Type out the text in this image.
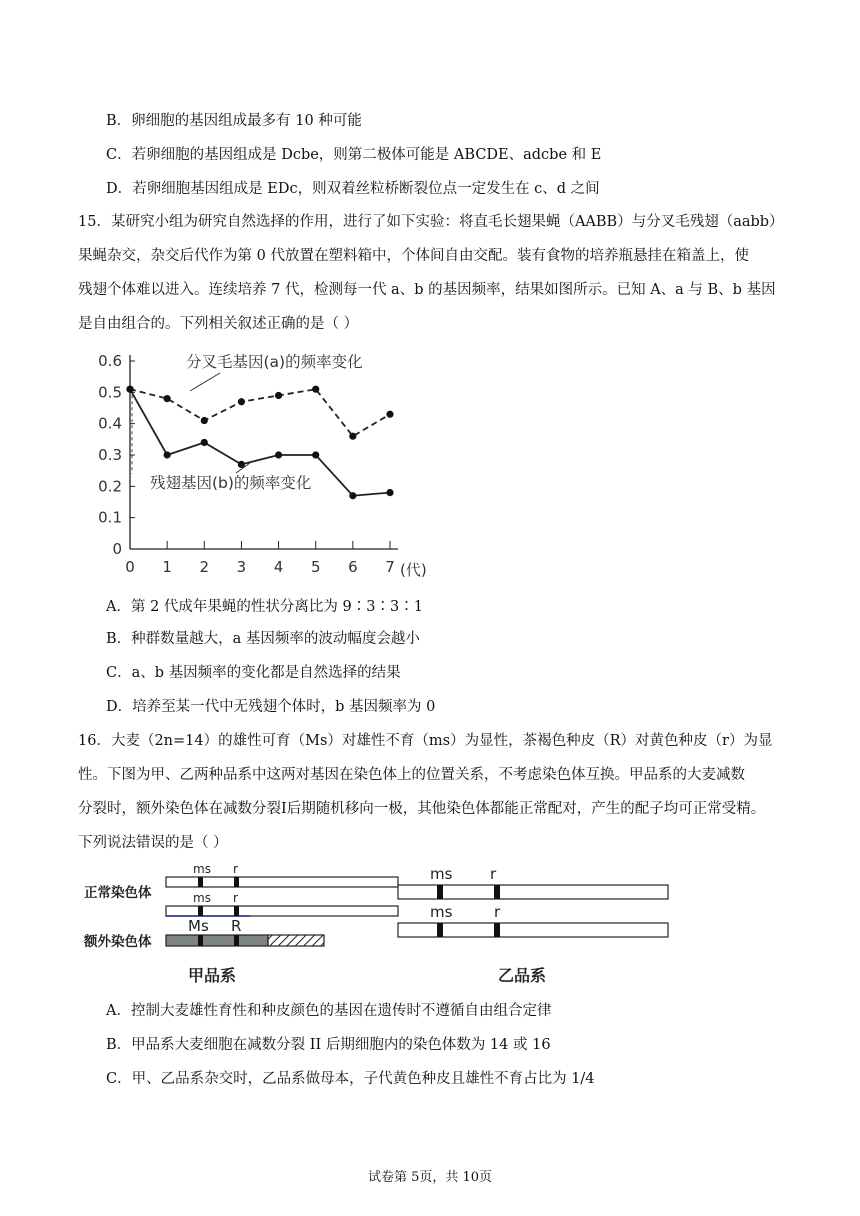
B．卵细胞的基因组成最多有 10 种可能
C．若卵细胞的基因组成是 Dcbe，则第二极体可能是 ABCDE、adcbe 和 E
D．若卵细胞基因组成是 EDc，则双着丝粒桥断裂位点一定发生在 c、d 之间
15．某研究小组为研究自然选择的作用，进行了如下实验：将直毛长翅果蝇（AABB）与分叉毛残翅（aabb）
果蝇杂交，杂交后代作为第 0 代放置在塑料箱中，个体间自由交配。装有食物的培养瓶悬挂在箱盖上，使
残翅个体难以进入。连续培养 7 代，检测每一代 a、b 的基因频率，结果如图所示。已知 A、a 与 B、b 基因
是自由组合的。下列相关叙述正确的是（ ）
0
0.1
0.2
0.3
0.4
0.5
0.6
0 1 2 3 4 5 6 7
分叉毛基因(a)的频率变化
残翅基因(b)的频率变化
(代)
A．第 2 代成年果蝇的性状分离比为 9∶3∶3∶1
B．种群数量越大，a 基因频率的波动幅度会越小
C．a、b 基因频率的变化都是自然选择的结果
D．培养至某一代中无残翅个体时，b 基因频率为 0
16．大麦（2n=14）的雄性可育（Ms）对雄性不育（ms）为显性，茶褐色种皮（R）对黄色种皮（r）为显
性。下图为甲、乙两种品系中这两对基因在染色体上的位置关系，不考虑染色体互换。甲品系的大麦减数
分裂时，额外染色体在减数分裂Ⅰ后期随机移向一极，其他染色体都能正常配对，产生的配子均可正常受精。
下列说法错误的是（ ）
ms r
正常染色体	ms r
Ms R
额外染色体
甲品系
ms	r
ms	r
乙品系
A．控制大麦雄性育性和种皮颜色的基因在遗传时不遵循自由组合定律
B．甲品系大麦细胞在减数分裂 II 后期细胞内的染色体数为 14 或 16
C．甲、乙品系杂交时，乙品系做母本，子代黄色种皮且雄性不育占比为 1/4
试卷第 5页，共 10页
